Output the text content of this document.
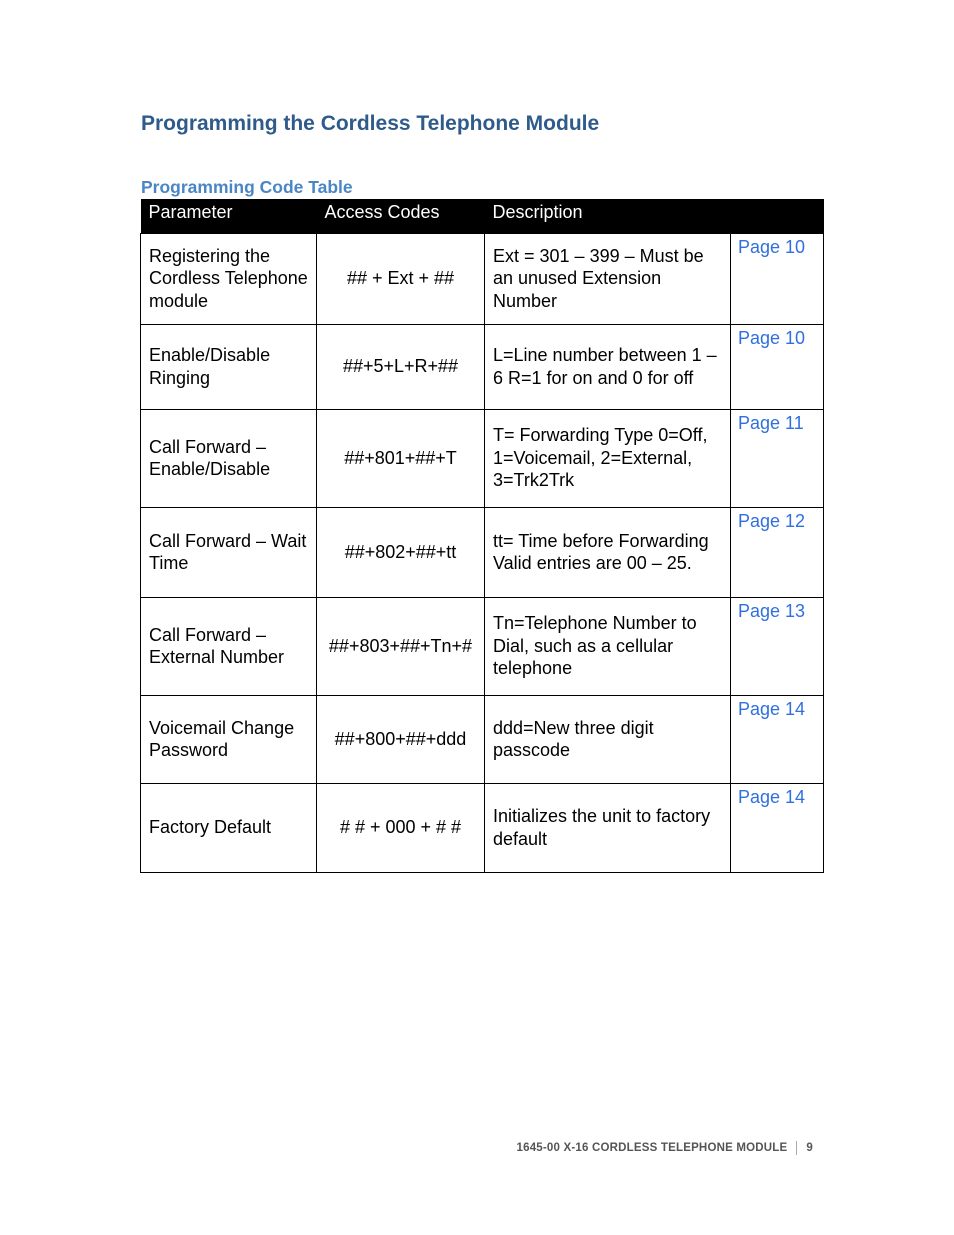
Programming the Cordless Telephone Module
Programming Code Table
Parameter	Access Codes	Description	
Registering the Cordless Telephone module	## + Ext + ##	Ext = 301 – 399 – Must be an unused Extension Number	Page 10
Enable/Disable Ringing	##+5+L+R+##	L=Line number between 1 – 6 R=1 for on and 0 for off	Page 10
Call Forward – Enable/Disable	##+801+##+T	T= Forwarding Type 0=Off, 1=Voicemail, 2=External, 3=Trk2Trk	Page 11
Call Forward – Wait Time	##+802+##+tt	tt= Time before Forwarding Valid entries are 00 – 25.	Page 12
Call Forward – External Number	##+803+##+Tn+#	Tn=Telephone Number to Dial, such as a cellular telephone	Page 13
Voicemail Change Password	##+800+##+ddd	ddd=New three digit passcode	Page 14
Factory Default	# # + 000 + # #	Initializes the unit to factory default	Page 14
1645-00 X-16 CORDLESS TELEPHONE MODULE 9
